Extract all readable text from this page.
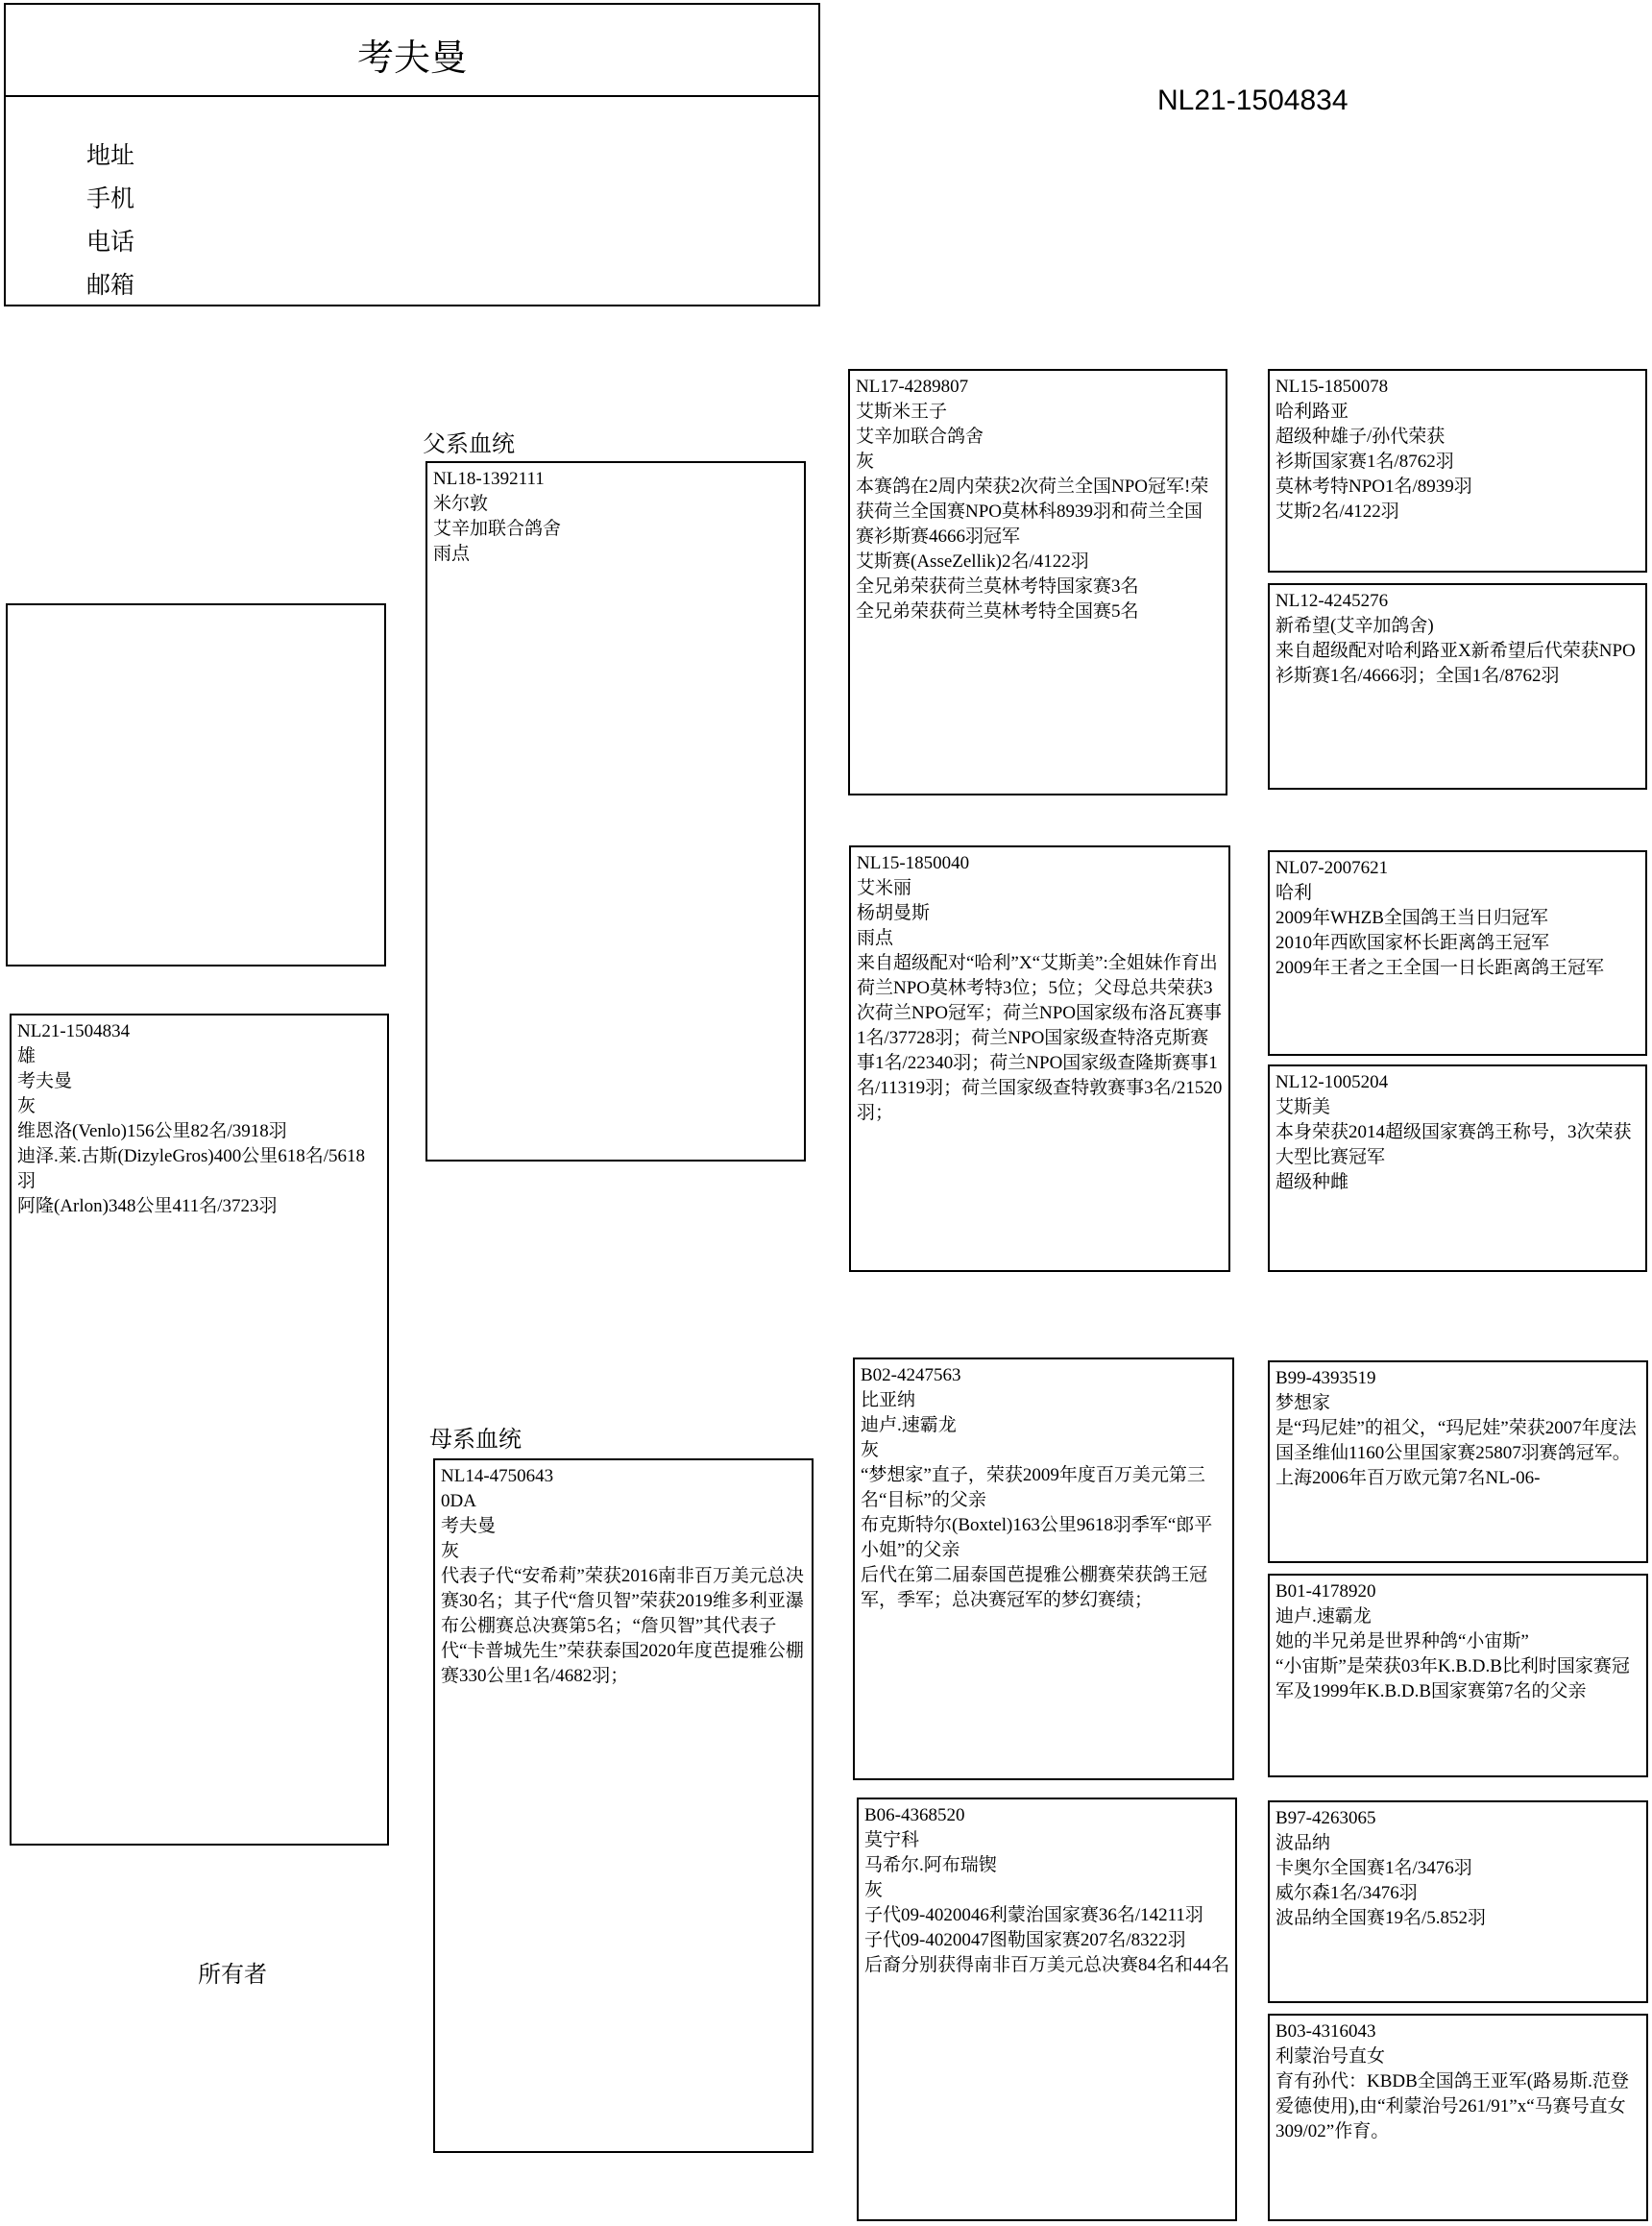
考夫曼
地址
手机
电话
邮箱
NL21-1504834
父系血统
母系血统
所有者
NL21-1504834
雄
考夫曼
灰
维恩洛(Venlo)156公里82名/3918羽
迪泽.莱.古斯(DizyleGros)400公里618名/5618羽
阿隆(Arlon)348公里411名/3723羽
NL18-1392111
米尔敦
艾辛加联合鸽舍
雨点
NL14-4750643
0DA
考夫曼
灰
代表子代“安希莉”荣获2016南非百万美元总决赛30名；其子代“詹贝智”荣获2019维多利亚瀑布公棚赛总决赛第5名；“詹贝智”其代表子代“卡普城先生”荣获泰国2020年度芭提雅公棚赛330公里1名/4682羽；
NL17-4289807
艾斯米王子
艾辛加联合鸽舍
灰
本赛鸽在2周内荣获2次荷兰全国NPO冠军!荣获荷兰全国赛NPO莫林科8939羽和荷兰全国赛衫斯赛4666羽冠军
艾斯赛(AsseZellik)2名/4122羽
全兄弟荣获荷兰莫林考特国家赛3名
全兄弟荣获荷兰莫林考特全国赛5名
NL15-1850040
艾米丽
杨胡曼斯
雨点
来自超级配对“哈利”X“艾斯美”:全姐妹作育出荷兰NPO莫林考特3位；5位；父母总共荣获3次荷兰NPO冠军；荷兰NPO国家级布洛瓦赛事1名/37728羽；荷兰NPO国家级查特洛克斯赛事1名/22340羽；荷兰NPO国家级查隆斯赛事1名/11319羽；荷兰国家级查特敦赛事3名/21520羽；
B02-4247563
比亚纳
迪卢.速霸龙
灰
“梦想家”直子，荣获2009年度百万美元第三名“目标”的父亲
布克斯特尔(Boxtel)163公里9618羽季军“郎平小姐”的父亲
后代在第二届泰国芭提雅公棚赛荣获鸽王冠军，季军；总决赛冠军的梦幻赛绩；
B06-4368520
莫宁科
马希尔.阿布瑞锲
灰
子代09-4020046利蒙治国家赛36名/14211羽
子代09-4020047图勒国家赛207名/8322羽
后裔分别获得南非百万美元总决赛84名和44名
NL15-1850078
哈利路亚
超级种雄子/孙代荣获
衫斯国家赛1名/8762羽
莫林考特NPO1名/8939羽
艾斯2名/4122羽
NL12-4245276
新希望(艾辛加鸽舍)
来自超级配对哈利路亚X新希望后代荣获NPO衫斯赛1名/4666羽；全国1名/8762羽
NL07-2007621
哈利
2009年WHZB全国鸽王当日归冠军
2010年西欧国家杯长距离鸽王冠军
2009年王者之王全国一日长距离鸽王冠军
NL12-1005204
艾斯美
本身荣获2014超级国家赛鸽王称号，3次荣获大型比赛冠军
超级种雌
B99-4393519
梦想家
是“玛尼娃”的祖父，“玛尼娃”荣获2007年度法国圣维仙1160公里国家赛25807羽赛鸽冠军。
上海2006年百万欧元第7名NL-06-
B01-4178920
迪卢.速霸龙
她的半兄弟是世界种鸽“小宙斯”
“小宙斯”是荣获03年K.B.D.B比利时国家赛冠军及1999年K.B.D.B国家赛第7名的父亲
B97-4263065
波品纳
卡奥尔全国赛1名/3476羽
威尔森1名/3476羽
波品纳全国赛19名/5.852羽
B03-4316043
利蒙治号直女
育有孙代：KBDB全国鸽王亚军(路易斯.范登爱德使用),由“利蒙治号261/91”x“马赛号直女309/02”作育。
